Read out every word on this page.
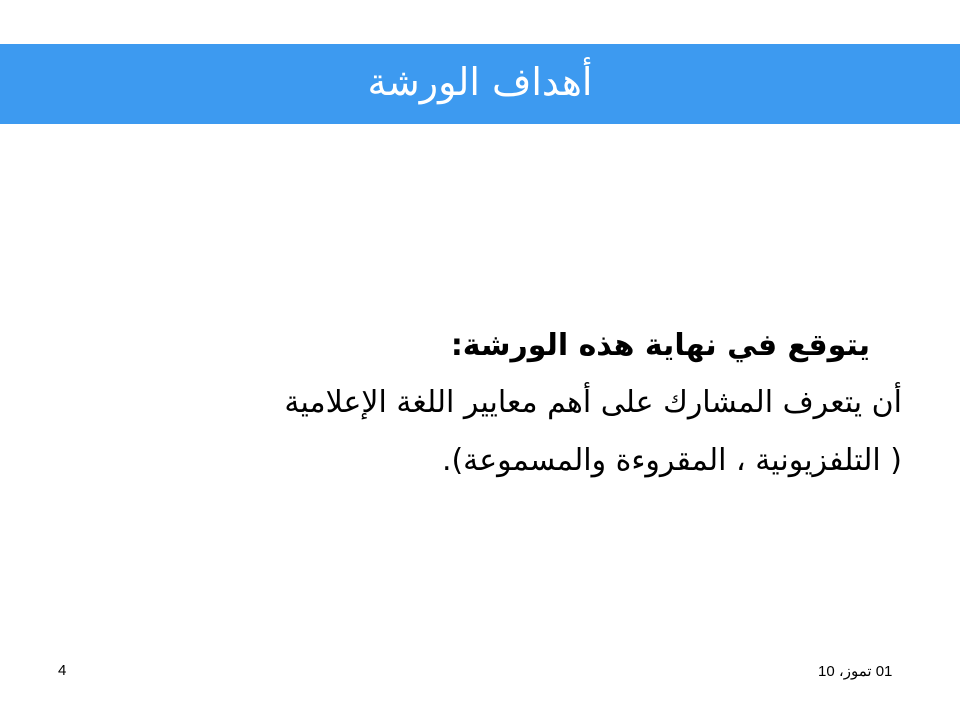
أهداف الورشة
يتوقع في نهاية هذه الورشة:
أن يتعرف المشارك على أهم معايير اللغة الإعلامية
( التلفزيونية ، المقروءة والمسموعة).
01 تموز، 10
4
